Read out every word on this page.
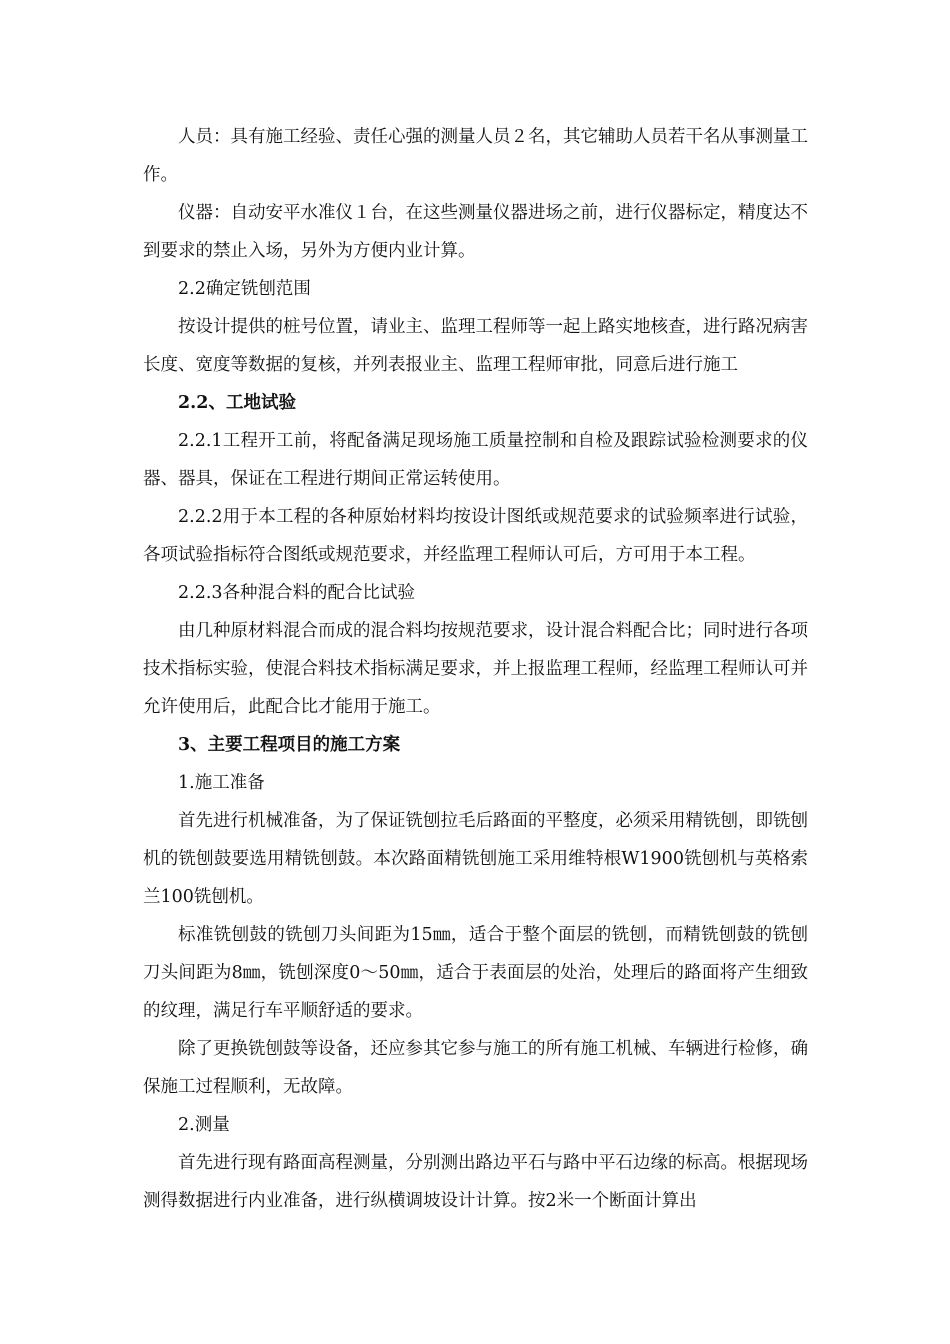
人员：具有施工经验、责任心强的测量人员２名，其它辅助人员若干名从事测量工作。

仪器：自动安平水准仪１台，在这些测量仪器进场之前，进行仪器标定，精度达不到要求的禁止入场，另外为方便内业计算。

2.2确定铣刨范围

按设计提供的桩号位置，请业主、监理工程师等一起上路实地核查，进行路况病害长度、宽度等数据的复核，并列表报业主、监理工程师审批，同意后进行施工

2.2、工地试验

2.2.1工程开工前，将配备满足现场施工质量控制和自检及跟踪试验检测要求的仪器、器具，保证在工程进行期间正常运转使用。

2.2.2用于本工程的各种原始材料均按设计图纸或规范要求的试验频率进行试验，各项试验指标符合图纸或规范要求，并经监理工程师认可后，方可用于本工程。

2.2.3各种混合料的配合比试验

由几种原材料混合而成的混合料均按规范要求，设计混合料配合比；同时进行各项技术指标实验，使混合料技术指标满足要求，并上报监理工程师，经监理工程师认可并允许使用后，此配合比才能用于施工。

3、主要工程项目的施工方案

1.施工准备

首先进行机械准备，为了保证铣刨拉毛后路面的平整度，必须采用精铣刨，即铣刨机的铣刨鼓要选用精铣刨鼓。本次路面精铣刨施工采用维特根W1900铣刨机与英格索兰100铣刨机。

标准铣刨鼓的铣刨刀头间距为15㎜，适合于整个面层的铣刨，而精铣刨鼓的铣刨刀头间距为8㎜，铣刨深度0～50㎜，适合于表面层的处治，处理后的路面将产生细致的纹理，满足行车平顺舒适的要求。

除了更换铣刨鼓等设备，还应参其它参与施工的所有施工机械、车辆进行检修，确保施工过程顺利，无故障。

2.测量

首先进行现有路面高程测量，分别测出路边平石与路中平石边缘的标高。根据现场测得数据进行内业准备，进行纵横调坡设计计算。按2米一个断面计算出
